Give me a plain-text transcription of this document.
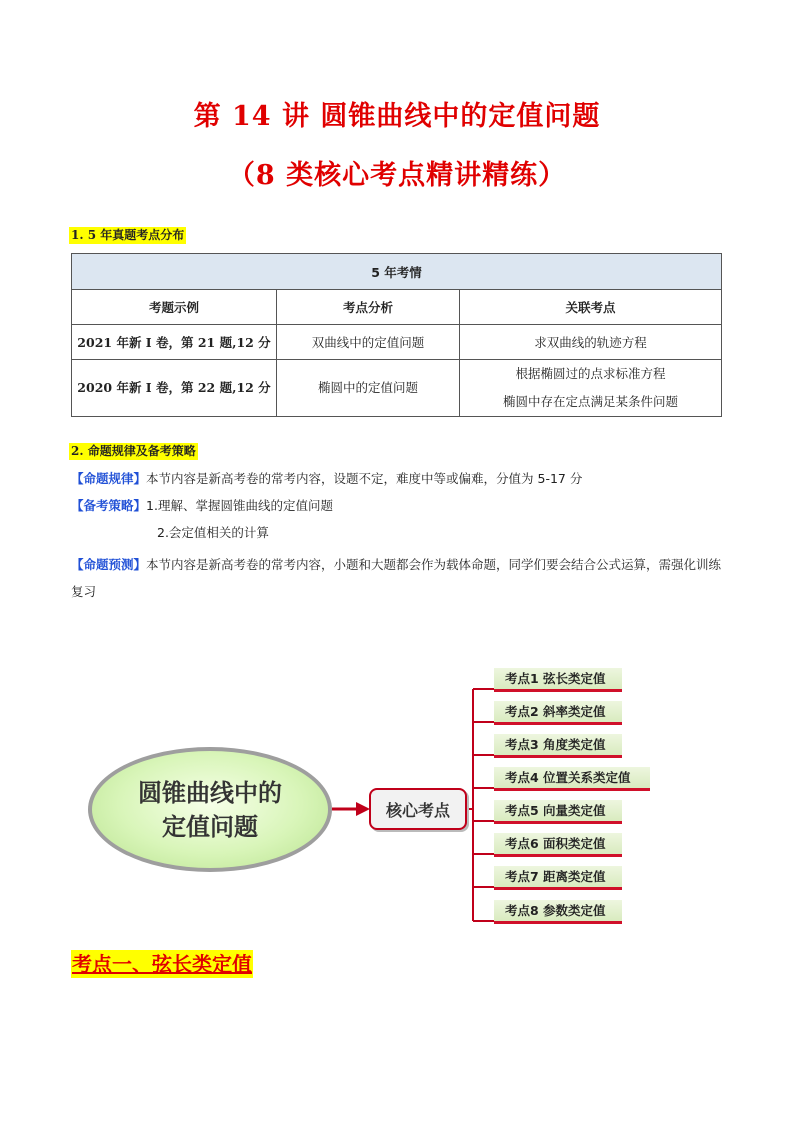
第 14 讲 圆锥曲线中的定值问题
（8 类核心考点精讲精练）
1. 5 年真题考点分布
5 年考情		
考题示例	考点分析	关联考点
2021 年新 I 卷，第 21 题,12 分	双曲线中的定值问题	求双曲线的轨迹方程
2020 年新 I 卷，第 22 题,12 分	椭圆中的定值问题	根据椭圆过的点求标准方程
椭圆中存在定点满足某条件问题
2. 命题规律及备考策略
【命题规律】本节内容是新高考卷的常考内容，设题不定，难度中等或偏难，分值为 5-17 分
【备考策略】1.理解、掌握圆锥曲线的定值问题
2.会定值相关的计算
【命题预测】本节内容是新高考卷的常考内容，小题和大题都会作为载体命题，同学们要会结合公式运算，需强化训练复习
圆锥曲线中的
定值问题
核心考点
考点1 弦长类定值
考点2 斜率类定值
考点3 角度类定值
考点4 位置关系类定值
考点5 向量类定值
考点6 面积类定值
考点7 距离类定值
考点8 参数类定值
考点一、弦长类定值
